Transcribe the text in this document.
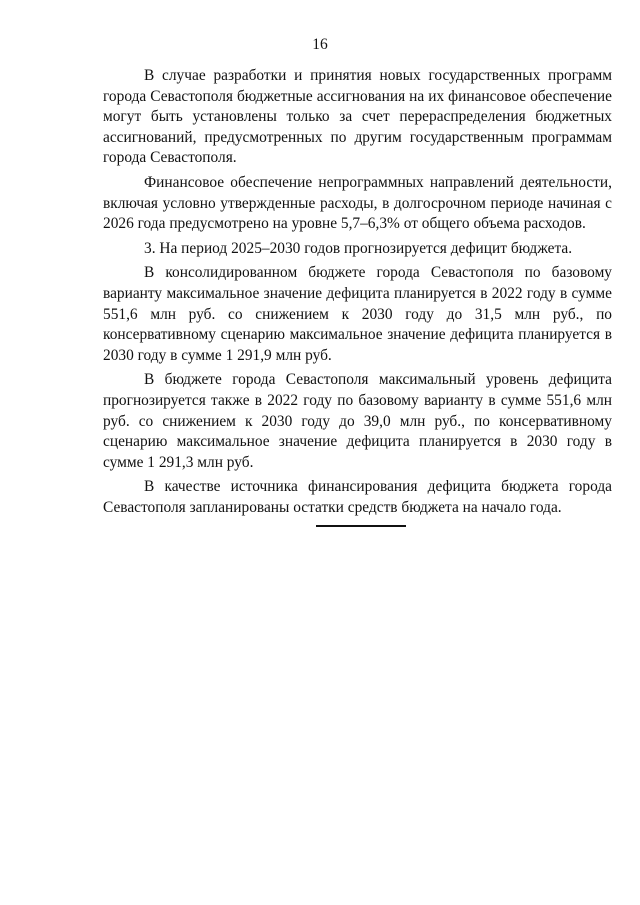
16

В случае разработки и принятия новых государственных программ города Севастополя бюджетные ассигнования на их финансовое обеспечение могут быть установлены только за счет перераспределения бюджетных ассигнований, предусмотренных по другим государственным программам города Севастополя.

Финансовое обеспечение непрограммных направлений деятельности, включая условно утвержденные расходы, в долгосрочном периоде начиная с 2026 года предусмотрено на уровне 5,7–6,3% от общего объема расходов.

3. На период 2025–2030 годов прогнозируется дефицит бюджета.

В консолидированном бюджете города Севастополя по базовому варианту максимальное значение дефицита планируется в 2022 году в сумме 551,6 млн руб. со снижением к 2030 году до 31,5 млн руб., по консервативному сценарию максимальное значение дефицита планируется в 2030 году в сумме 1 291,9 млн руб.

В бюджете города Севастополя максимальный уровень дефицита прогнозируется также в 2022 году по базовому варианту в сумме 551,6 млн руб. со снижением к 2030 году до 39,0 млн руб., по консервативному сценарию максимальное значение дефицита планируется в 2030 году в сумме 1 291,3 млн руб.

В качестве источника финансирования дефицита бюджета города Севастополя запланированы остатки средств бюджета на начало года.
